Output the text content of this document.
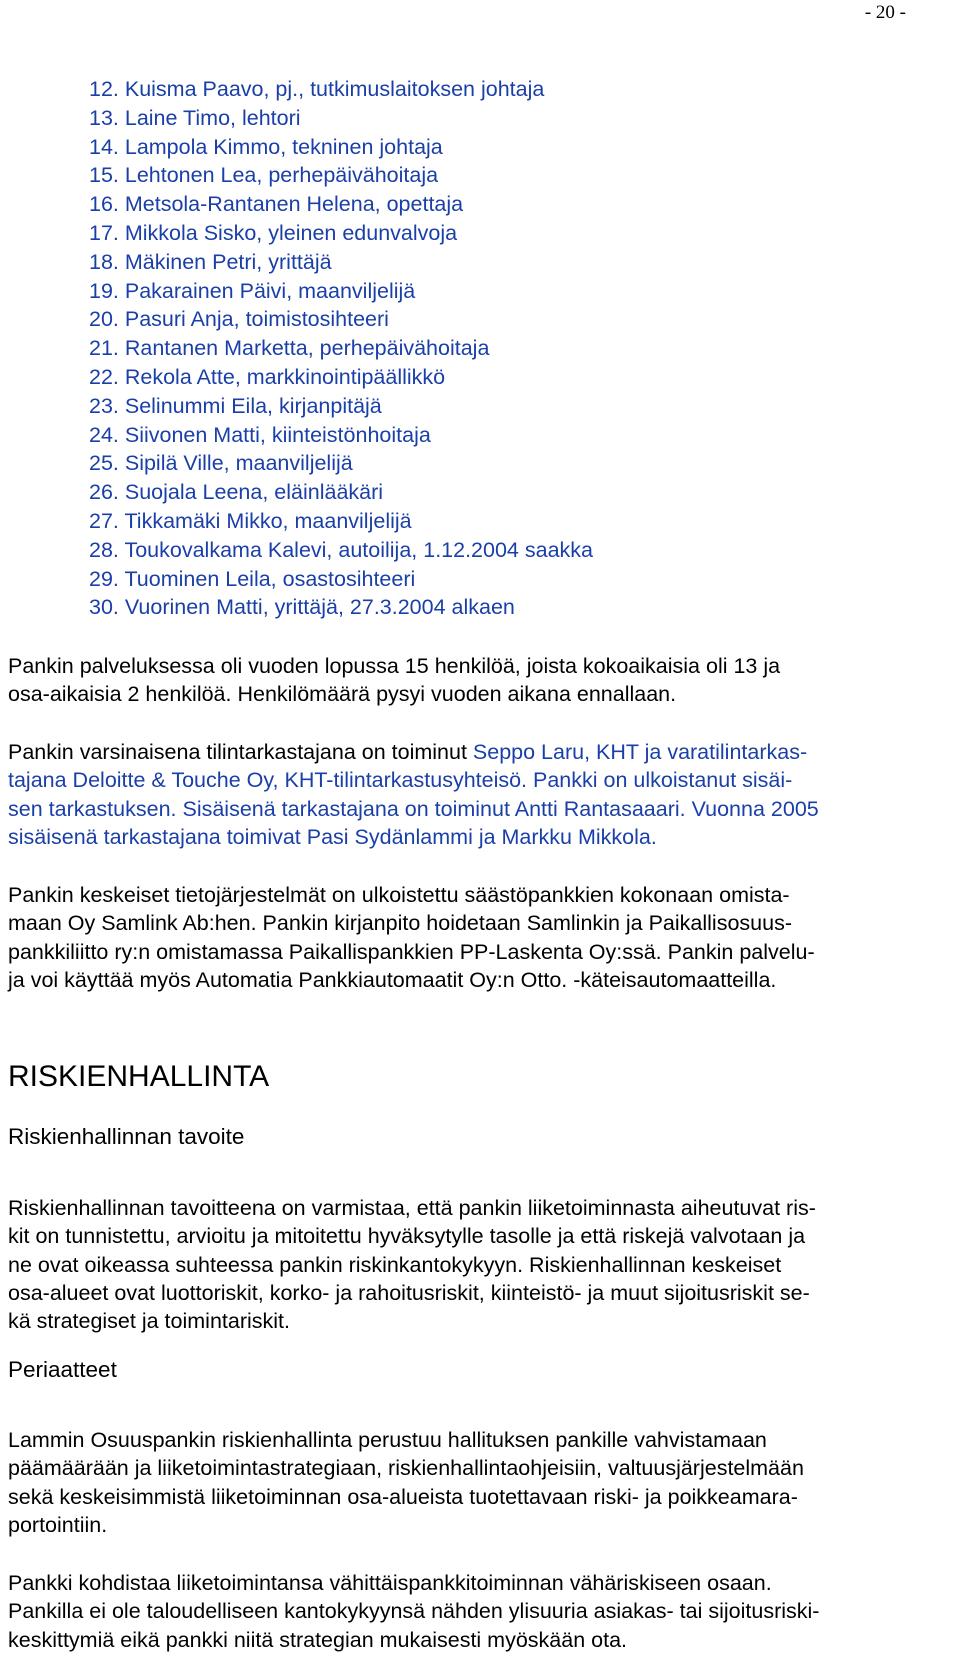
- 20 -
12. Kuisma Paavo, pj., tutkimuslaitoksen johtaja
13. Laine Timo, lehtori
14. Lampola Kimmo, tekninen johtaja
15. Lehtonen Lea, perhepäivähoitaja
16. Metsola-Rantanen Helena, opettaja
17. Mikkola Sisko, yleinen edunvalvoja
18. Mäkinen Petri, yrittäjä
19. Pakarainen Päivi, maanviljelijä
20. Pasuri Anja, toimistosihteeri
21. Rantanen Marketta, perhepäivähoitaja
22. Rekola Atte, markkinointipäällikkö
23. Selinummi Eila, kirjanpitäjä
24. Siivonen Matti, kiinteistönhoitaja
25. Sipilä Ville, maanviljelijä
26. Suojala Leena, eläinlääkäri
27. Tikkamäki Mikko, maanviljelijä
28. Toukovalkama Kalevi, autoilija, 1.12.2004 saakka
29. Tuominen Leila, osastosihteeri
30. Vuorinen Matti, yrittäjä, 27.3.2004 alkaen
Pankin palveluksessa oli vuoden lopussa 15 henkilöä, joista kokoaikaisia oli 13 ja
osa-aikaisia 2 henkilöä. Henkilömäärä pysyi vuoden aikana ennallaan.
Pankin varsinaisena tilintarkastajana on toiminut Seppo Laru, KHT ja varatilintarkas-
tajana Deloitte & Touche Oy, KHT-tilintarkastusyhteisö. Pankki on ulkoistanut sisäi-
sen tarkastuksen. Sisäisenä tarkastajana on toiminut Antti Rantasaaari. Vuonna 2005
sisäisenä tarkastajana toimivat Pasi Sydänlammi ja Markku Mikkola.
Pankin keskeiset tietojärjestelmät on ulkoistettu säästöpankkien kokonaan omista-
maan Oy Samlink Ab:hen. Pankin kirjanpito hoidetaan Samlinkin ja Paikallisosuus-
pankkiliitto ry:n omistamassa Paikallispankkien PP-Laskenta Oy:ssä. Pankin palvelu-
ja voi käyttää myös Automatia Pankkiautomaatit Oy:n Otto. -käteisautomaatteilla.
RISKIENHALLINTA
Riskienhallinnan tavoite
Riskienhallinnan tavoitteena on varmistaa, että pankin liiketoiminnasta aiheutuvat ris-
kit on tunnistettu, arvioitu ja mitoitettu hyväksytylle tasolle ja että riskejä valvotaan ja
ne ovat oikeassa suhteessa pankin riskinkantokykyyn. Riskienhallinnan keskeiset
osa-alueet ovat luottoriskit, korko- ja rahoitusriskit, kiinteistö- ja muut sijoitusriskit se-
kä strategiset ja toimintariskit.
Periaatteet
Lammin Osuuspankin riskienhallinta perustuu hallituksen pankille vahvistamaan
päämäärään ja liiketoimintastrategiaan, riskienhallintaohjeisiin, valtuusjärjestelmään
sekä keskeisimmistä liiketoiminnan osa-alueista tuotettavaan riski- ja poikkeamara-
portointiin.
Pankki kohdistaa liiketoimintansa vähittäispankkitoiminnan vähäriskiseen osaan.
Pankilla ei ole taloudelliseen kantokykyynsä nähden ylisuuria asiakas- tai sijoitusriski-
keskittymiä eikä pankki niitä strategian mukaisesti myöskään ota.
